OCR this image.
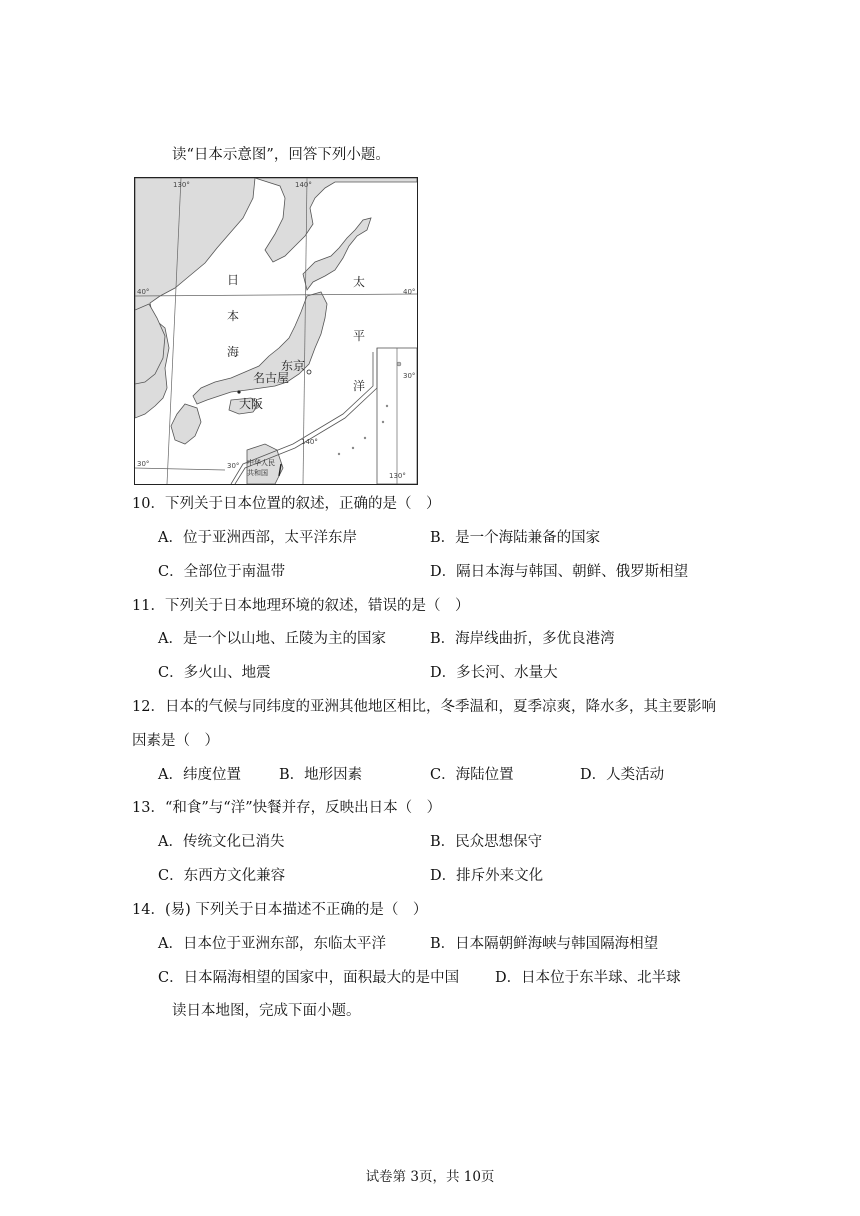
读“日本示意图”，回答下列小题。
130°	140°
40°	40°
30°
30°	30°
140°
130°
日
本
海
太
平
洋
东京
名古屋
大阪
中华人民
共和国
10．下列关于日本位置的叙述，正确的是（　）
A．位于亚洲西部，太平洋东岸	B．是一个海陆兼备的国家
C．全部位于南温带	D．隔日本海与韩国、朝鲜、俄罗斯相望
11．下列关于日本地理环境的叙述，错误的是（　）
A．是一个以山地、丘陵为主的国家	B．海岸线曲折，多优良港湾
C．多火山、地震	D．多长河、水量大
12．日本的气候与同纬度的亚洲其他地区相比，冬季温和，夏季凉爽，降水多，其主要影响
因素是（　）
A．纬度位置	B．地形因素	C．海陆位置	D．人类活动
13．“和食”与“洋”快餐并存，反映出日本（　）
A．传统文化已消失	B．民众思想保守
C．东西方文化兼容	D．排斥外来文化
14．(易) 下列关于日本描述不正确的是（　）
A．日本位于亚洲东部，东临太平洋	B．日本隔朝鲜海峡与韩国隔海相望
C．日本隔海相望的国家中，面积最大的是中国 D．日本位于东半球、北半球
读日本地图，完成下面小题。
试卷第 3页，共 10页
